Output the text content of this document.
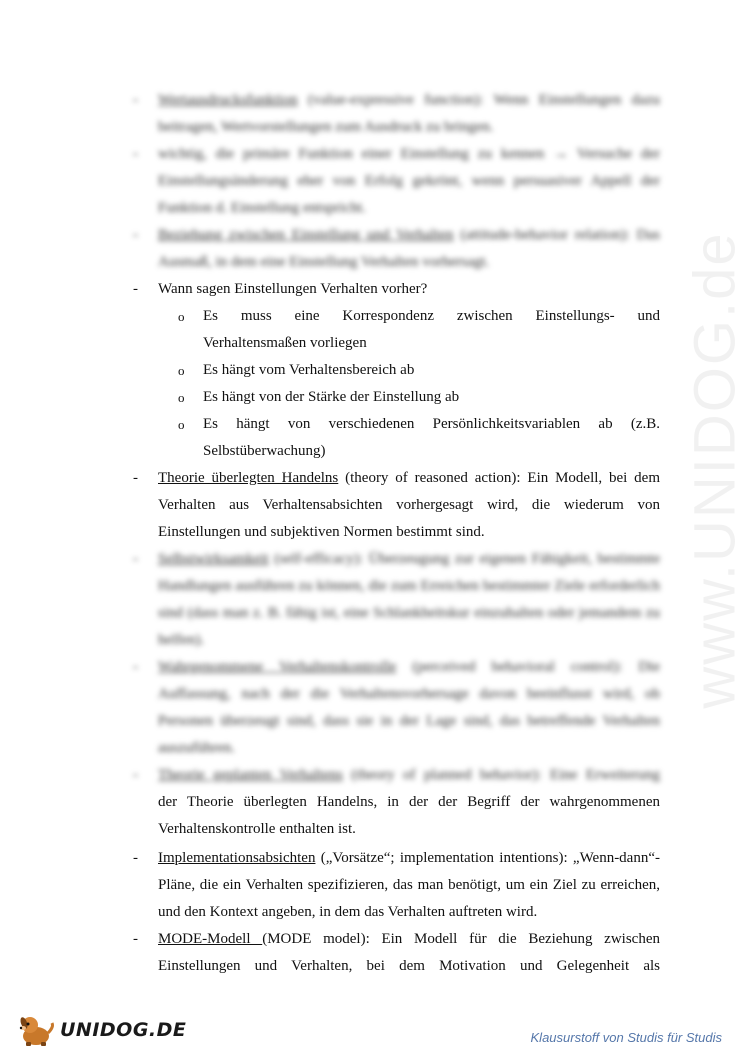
www.UNIDOG.de
- Wertausdrucksfunktion (value-expressive function): Wenn Einstellungen dazu beitragen, Wertvorstellungen zum Ausdruck zu bringen.
- wichtig, die primäre Funktion einer Einstellung zu kennen → Versuche der Einstellungsänderung eher von Erfolg gekrönt, wenn persuasiver Appell der Funktion d. Einstellung entspricht.
- Beziehung zwischen Einstellung und Verhalten (attitude-behavior relation): Das Ausmaß, in dem eine Einstellung Verhalten vorhersagt.
- Wann sagen Einstellungen Verhalten vorher?
o Es muss eine Korrespondenz zwischen Einstellungs- und
Verhaltensmaßen vorliegen
o Es hängt vom Verhaltensbereich ab
o Es hängt von der Stärke der Einstellung ab
o Es hängt von verschiedenen Persönlichkeitsvariablen ab (z.B.
Selbstüberwachung)
- Theorie überlegten Handelns (theory of reasoned action): Ein Modell, bei dem Verhalten aus Verhaltensabsichten vorhergesagt wird, die wiederum von Einstellungen und subjektiven Normen bestimmt sind.
- Selbstwirksamkeit (self-efficacy): Überzeugung zur eigenen Fähigkeit, bestimmte Handlungen ausführen zu können, die zum Erreichen bestimmter Ziele erforderlich sind (dass man z. B. fähig ist, eine Schlankheitskur einzuhalten oder jemandem zu helfen).
- Wahrgenommene Verhaltenskontrolle (perceived behavioral control): Die Auffassung, nach der die Verhaltensvorhersage davon beeinflusst wird, ob Personen überzeugt sind, dass sie in der Lage sind, das betreffende Verhalten auszuführen.
- Theorie geplanten Verhaltens (theory of planned behavior): Eine Erweiterung
der Theorie überlegten Handelns, in der der Begriff der wahrgenommenen Verhaltenskontrolle enthalten ist.
- Implementationsabsichten („Vorsätze“; implementation intentions): „Wenn-dann“-Pläne, die ein Verhalten spezifizieren, das man benötigt, um ein Ziel zu erreichen, und den Kontext angeben, in dem das Verhalten auftreten wird.
- MODE-Modell (MODE model): Ein Modell für die Beziehung zwischen Einstellungen und Verhalten, bei dem Motivation und Gelegenheit als
UNIDOG.DE	Klausurstoff von Studis für Studis
